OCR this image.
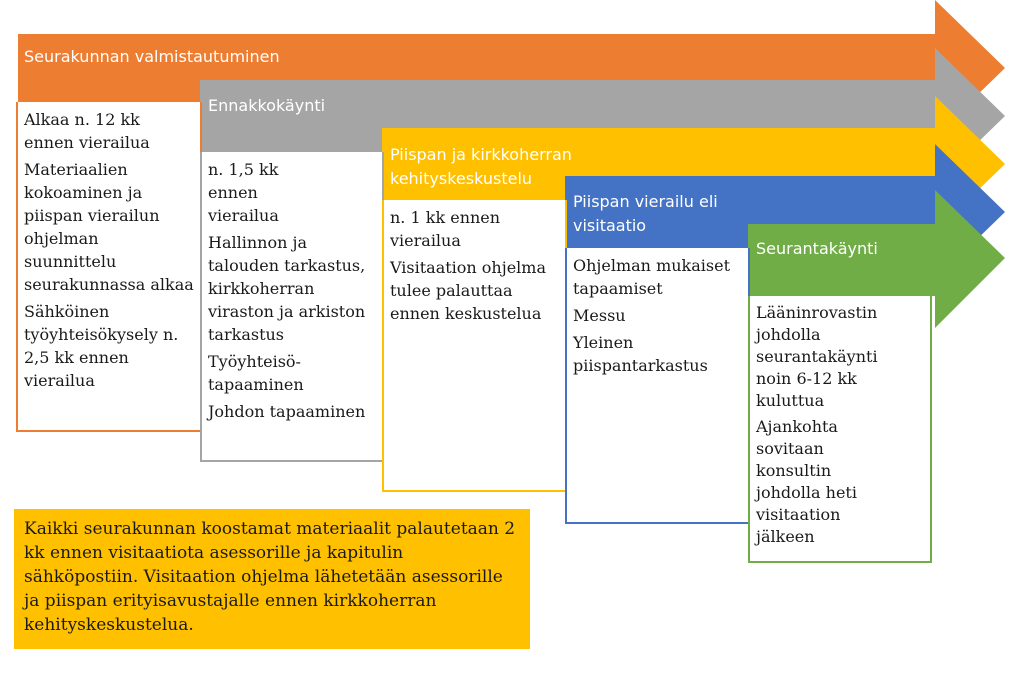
Seurakunnan valmistautuminen
Ennakkokäynti
Piispan ja kirkkoherran kehityskeskustelu
Piispan vierailu eli visitaatio
Seurantakäynti
Alkaa n. 12 kk ennen vierailua
Materiaalien kokoaminen ja piispan vierailun ohjelman suunnittelu seurakunnassa alkaa
Sähköinen työyhteisökysely n. 2,5 kk ennen vierailua
n. 1,5 kk ennen vierailua
Hallinnon ja talouden tarkastus, kirkkoherran viraston ja arkiston tarkastus
Työyhteisö-tapaaminen
Johdon tapaaminen
n. 1 kk ennen vierailua
Visitaation ohjelma tulee palauttaa ennen keskustelua
Ohjelman mukaiset tapaamiset
Messu
Yleinen piispantarkastus
Lääninrovastin johdolla seurantakäynti noin 6-12 kk kuluttua
Ajankohta sovitaan konsultin johdolla heti visitaation jälkeen
Kaikki seurakunnan koostamat materiaalit palautetaan 2 kk ennen visitaatiota asessorille ja kapitulin sähköpostiin. Visitaation ohjelma lähetetään asessorille ja piispan erityisavustajalle ennen kirkkoherran kehityskeskustelua.
